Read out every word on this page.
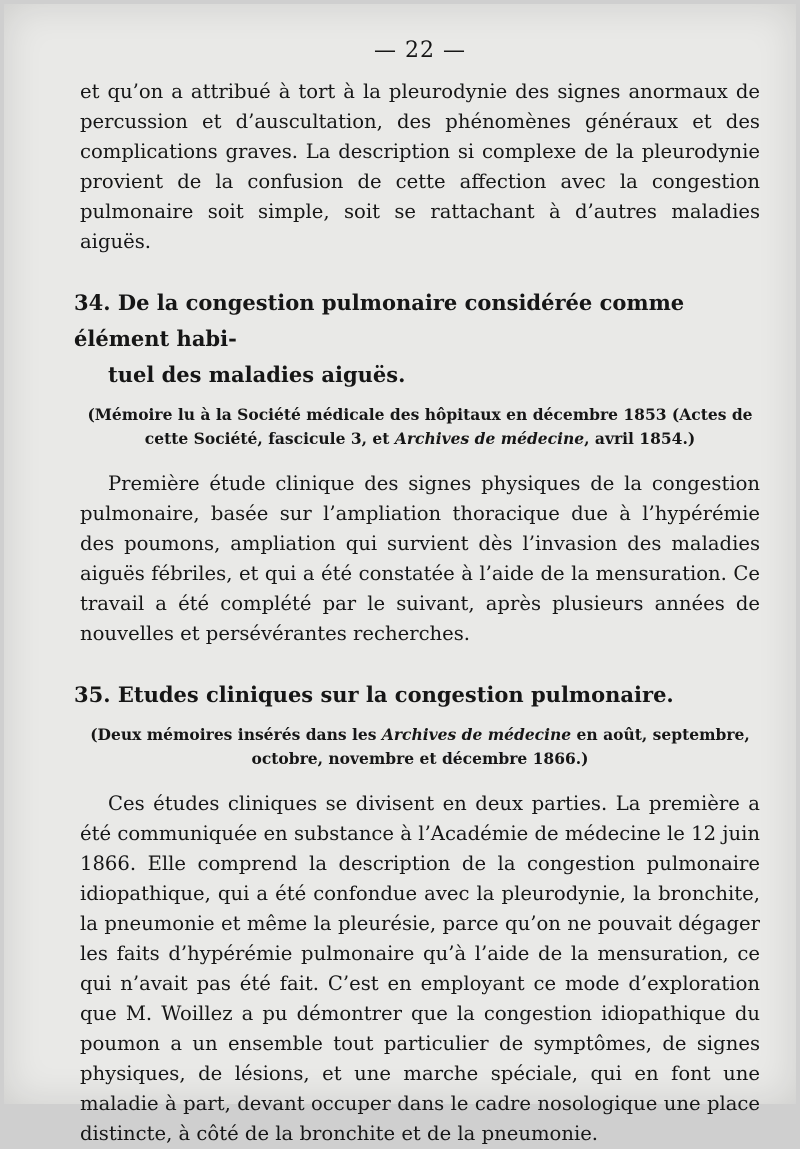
— 22 —

et qu’on a attribué à tort à la pleurodynie des signes anormaux de percussion et d’auscultation, des phénomènes généraux et des complications graves. La description si complexe de la pleurodynie provient de la confusion de cette affection avec la congestion pulmonaire soit simple, soit se rattachant à d’autres maladies aiguës.

34. De la congestion pulmonaire considérée comme élément habi-
tuel des maladies aiguës.

(Mémoire lu à la Société médicale des hôpitaux en décembre 1853 (Actes de cette Société, fascicule 3, et Archives de médecine, avril 1854.)

Première étude clinique des signes physiques de la congestion pulmonaire, basée sur l’ampliation thoracique due à l’hypérémie des poumons, ampliation qui survient dès l’invasion des maladies aiguës fébriles, et qui a été constatée à l’aide de la mensuration. Ce travail a été complété par le suivant, après plusieurs années de nouvelles et persévérantes recherches.

35. Etudes cliniques sur la congestion pulmonaire.

(Deux mémoires insérés dans les Archives de médecine en août, septembre, octobre, novembre et décembre 1866.)

Ces études cliniques se divisent en deux parties. La première a été communiquée en substance à l’Académie de médecine le 12 juin 1866. Elle comprend la description de la congestion pulmonaire idiopathique, qui a été confondue avec la pleurodynie, la bronchite, la pneumonie et même la pleurésie, parce qu’on ne pouvait dégager les faits d’hypérémie pulmonaire qu’à l’aide de la mensuration, ce qui n’avait pas été fait. C’est en employant ce mode d’exploration que M. Woillez a pu démontrer que la congestion idiopathique du poumon a un ensemble tout particulier de symptômes, de signes physiques, de lésions, et une marche spéciale, qui en font une maladie à part, devant occuper dans le cadre nosologique une place distincte, à côté de la bronchite et de la pneumonie.
